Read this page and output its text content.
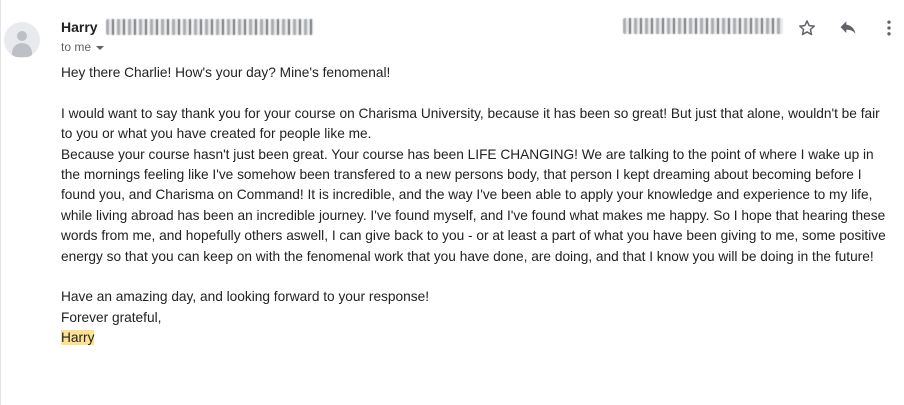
Harry
to me

Hey there Charlie! How's your day? Mine's fenomenal!

I would want to say thank you for your course on Charisma University, because it has been so great! But just that alone, wouldn't be fair to you or what you have created for people like me.

Because your course hasn't just been great. Your course has been LIFE CHANGING! We are talking to the point of where I wake up in the mornings feeling like I've somehow been transfered to a new persons body, that person I kept dreaming about becoming before I found you, and Charisma on Command! It is incredible, and the way I've been able to apply your knowledge and experience to my life, while living abroad has been an incredible journey. I've found myself, and I've found what makes me happy. So I hope that hearing these words from me, and hopefully others aswell, I can give back to you - or at least a part of what you have been giving to me, some positive energy so that you can keep on with the fenomenal work that you have done, are doing, and that I know you will be doing in the future!

Have an amazing day, and looking forward to your response!

Forever grateful,

Harry
